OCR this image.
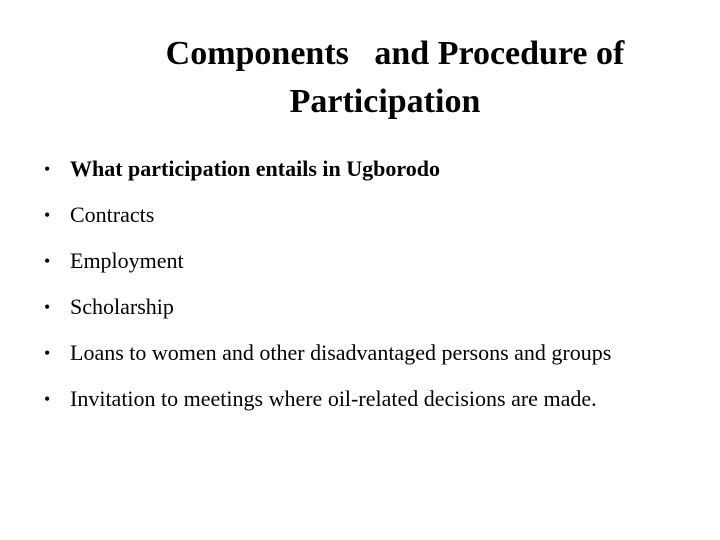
Components   and Procedure of
Participation
• What participation entails in Ugborodo
• Contracts
• Employment
• Scholarship
• Loans to women and other disadvantaged persons and groups
• Invitation to meetings where oil-related decisions are made.
